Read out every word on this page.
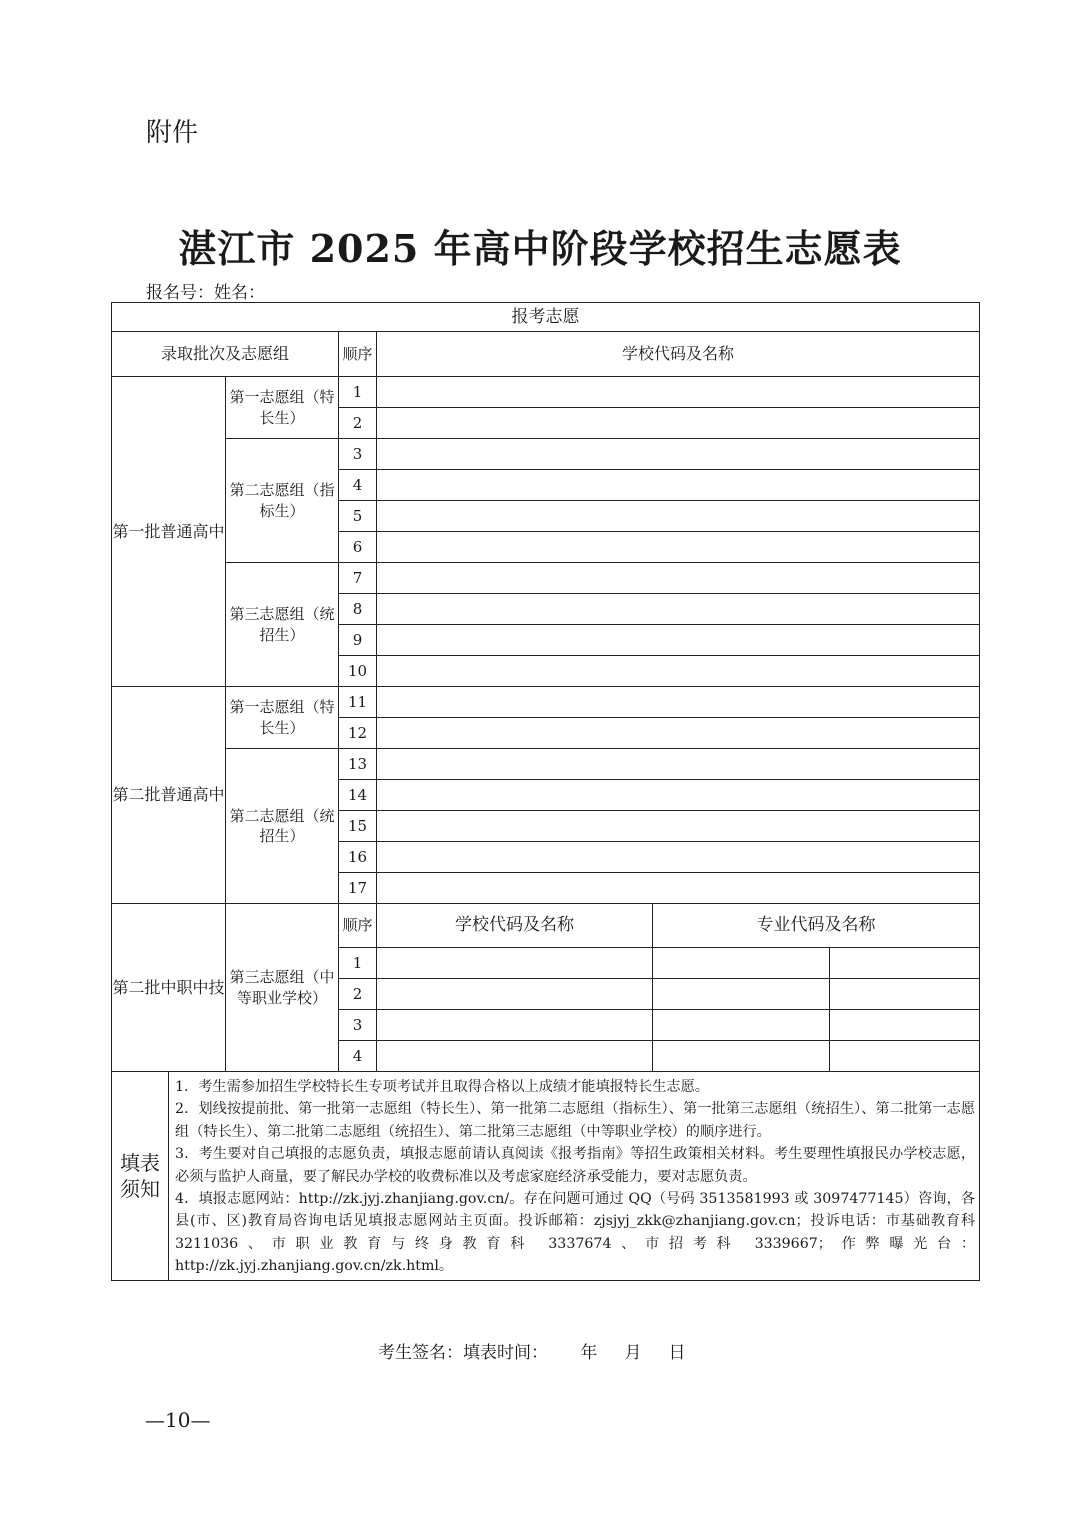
附件
湛江市 2025 年高中阶段学校招生志愿表
报名号：姓名：
报考志愿						
录取批次及志愿组			顺序	学校代码及名称		
第一批普通高中		第一志愿组（特长生）	1			
			2			
		第二志愿组（指标生）	3			
			4			
			5			
			6			
		第三志愿组（统招生）	7			
			8			
			9			
			10			
第二批普通高中		第一志愿组（特长生）	11			
			12			
		第二志愿组（统招生）	13			
			14			
			15			
			16			
			17			
第二批中职中技		第三志愿组（中等职业学校）	顺序	学校代码及名称	专业代码及名称	
			1			
			2			
			3			
			4			
填表须知	1．考生需参加招生学校特长生专项考试并且取得合格以上成绩才能填报特长生志愿。

2．划线按提前批、第一批第一志愿组（特长生）、第一批第二志愿组（指标生）、第一批第三志愿组（统招生）、第二批第一志愿组（特长生）、第二批第二志愿组（统招生）、第二批第三志愿组（中等职业学校）的顺序进行。

3．考生要对自己填报的志愿负责，填报志愿前请认真阅读《报考指南》等招生政策相关材料。考生要理性填报民办学校志愿，必须与监护人商量，要了解民办学校的收费标准以及考虑家庭经济承受能力，要对志愿负责。

4．填报志愿网站：http://zk.jyj.zhanjiang.gov.cn/。存在问题可通过 QQ（号码 3513581993 或 3097477145）咨询，各县(市、区)教育局咨询电话见填报志愿网站主页面。投诉邮箱：zjsjyj_zkk@zhanjiang.gov.cn；投诉电话：市基础教育科 3211036、市职业教育与终身教育科 3337674、市招考科 3339667；作弊曝光台：http://zk.jyj.zhanjiang.gov.cn/zk.html。					

考生签名：填表时间：      年     月     日
—10—
